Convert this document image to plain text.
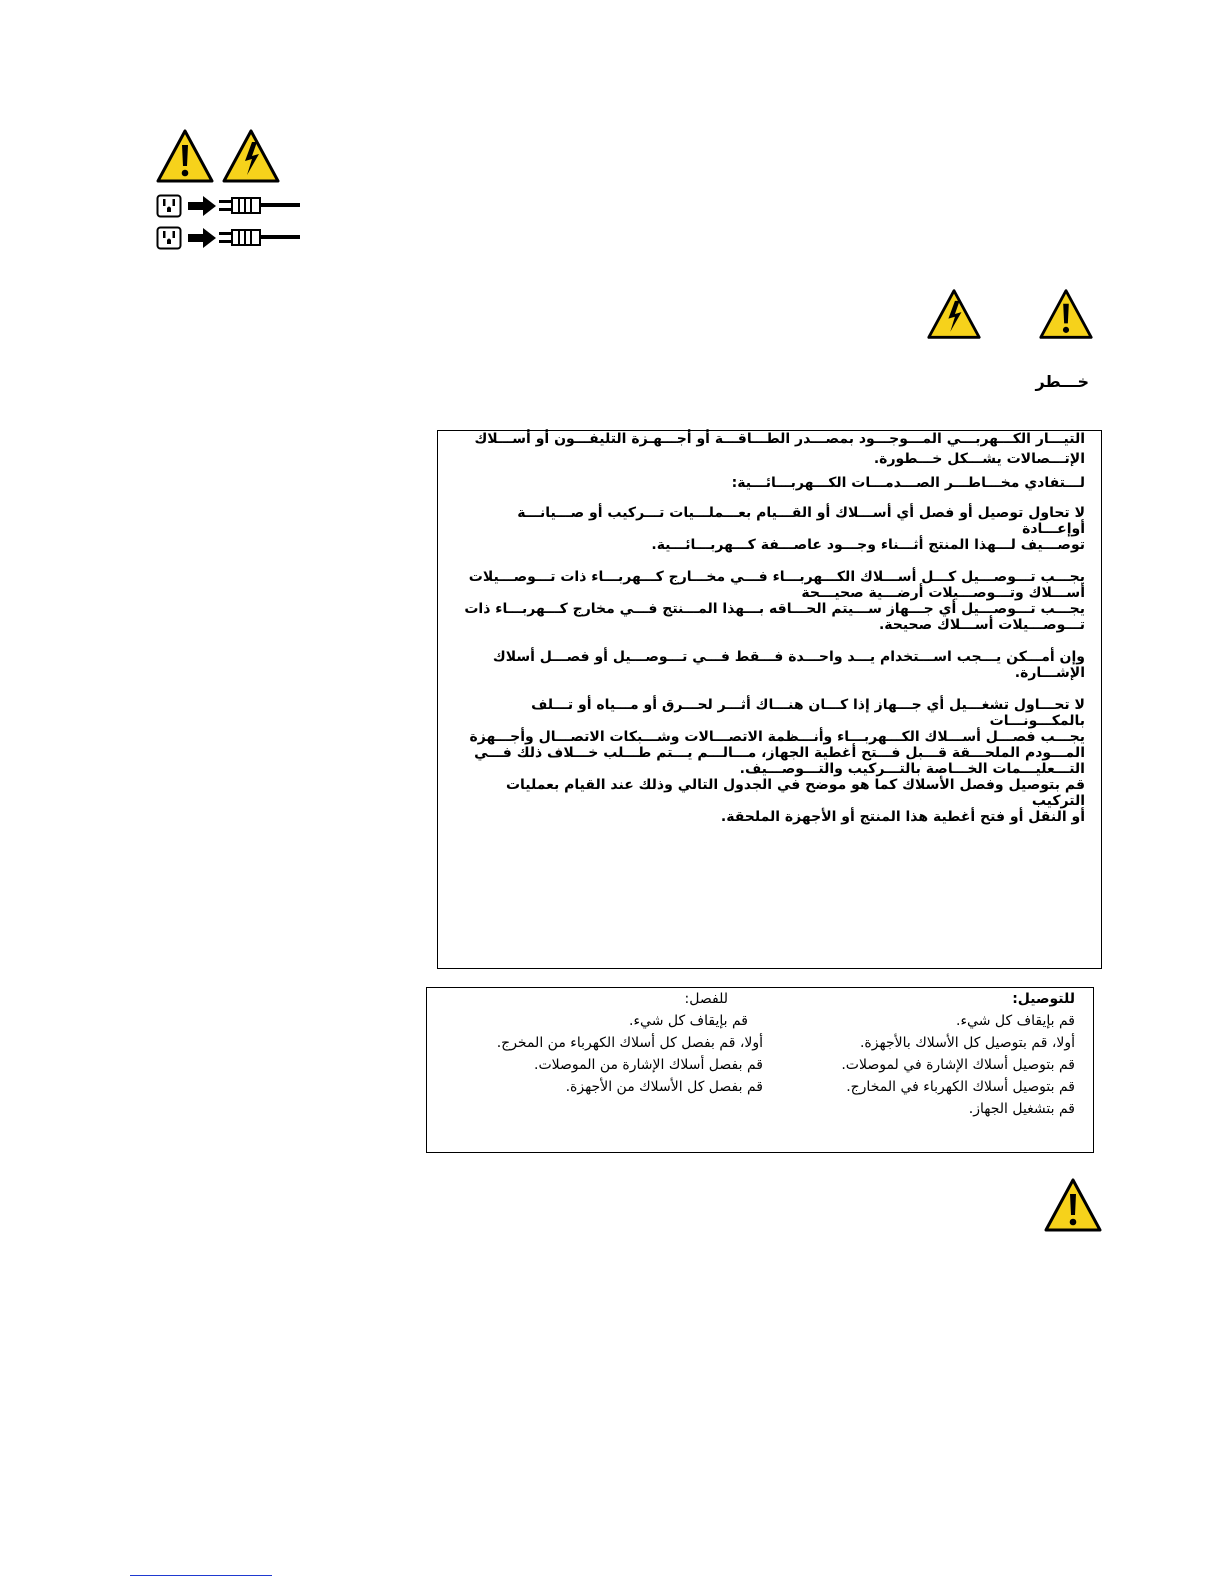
خـــطر

التيـــار الكـــهربـــي المـــوجـــود بمصـــدر الطـــاقـــة أو أجـــهـزة التليفـــون أو أســـلاك
الإتـــصالات يشـــكل خـــطورة.

لـــتفادي مخـــاطـــر الصـــدمـــات الكـــهربـــائـــية:

لا تحاول توصيل أو فصل أي أســـلاك أو القـــيام بعـــملـــيات تـــركيب أو صـــيانـــة أوإعـــادة
توصـــيف لـــهذا المنتج أثـــناء وجـــود عاصـــفة كـــهربـــائـــية.

يجـــب تـــوصـــيل كـــل أســـلاك الكـــهربـــاء فـــي مخـــارج كـــهربـــاء ذات تـــوصـــيلات
أســـلاك وتـــوصـــيلات أرضـــية صحيـــحة
يجـــب تـــوصـــيل أي جـــهاز ســـيتم الحـــاقه بـــهذا المـــنتج فـــي مخارج كـــهربـــاء ذات
تـــوصـــيلات أســـلاك صحيحة.

وإن أمـــكن يـــجب اســـتخدام يـــد واحـــدة فـــقط فـــي تـــوصـــيل أو فصـــل أسلاك
الإشـــارة.

لا تحـــاول تشغـــيل أي جـــهاز إذا كـــان هنـــاك أثـــر لحـــرق أو مـــياه أو تـــلف
بالمكـــونـــات
يجـــب فصـــل أســـلاك الكـــهربـــاء وأنـــظمة الاتصـــالات وشـــبكات الاتصـــال وأجـــهزة
المـــودم الملحـــقة قـــبل فـــتح أغطية الجهاز، مـــالـــم يـــتم طـــلب خـــلاف ذلك فـــي
التـــعليـــمات الخـــاصة بالتـــركيب والتـــوصـــيف.
قم بتوصيل وفصل الأسلاك كما هو موضح في الجدول التالي وذلك عند القيام بعمليات التركيب
أو النقل أو فتح أغطية هذا المنتج أو الأجهزة الملحقة.

للتوصيل:
قم بإيقاف كل شيء.
أولا، قم بتوصيل كل الأسلاك بالأجهزة.
قم بتوصيل أسلاك الإشارة في لموصلات.
قم بتوصيل أسلاك الكهرباء في المخارج.
قم بتشغيل الجهاز.
للفصل:
قم بإيقاف كل شيء.
أولا، قم بفصل كل أسلاك الكهرباء من المخرج.
قم بفصل أسلاك الإشارة من الموصلات.
قم بفصل كل الأسلاك من الأجهزة.
